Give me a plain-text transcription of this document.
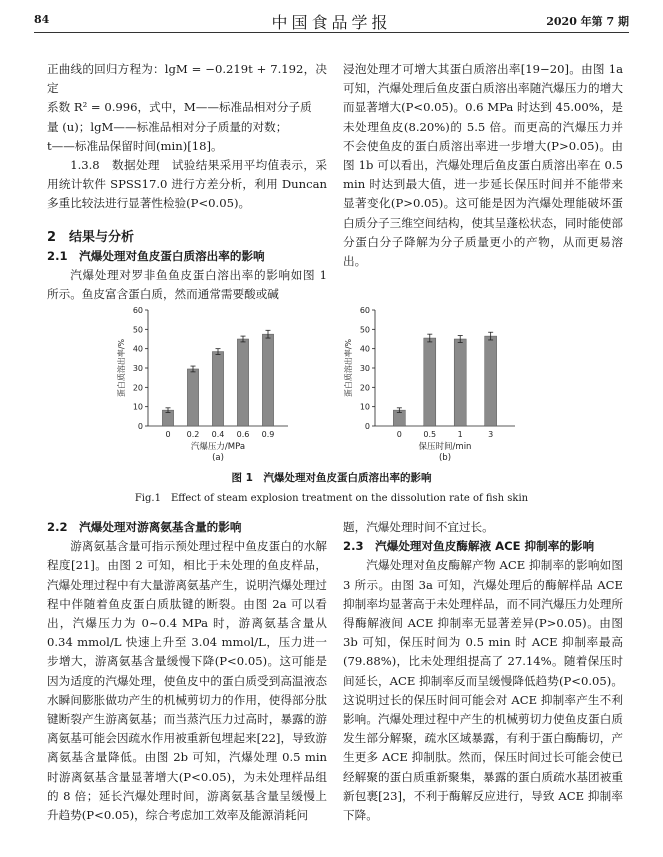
84	中国食品学报	2020 年第 7 期

正曲线的回归方程为：lgM = −0.219t + 7.192，决定

系数 R² = 0.996，式中，M——标准品相对分子质

量 (u)；lgM——标准品相对分子质量的对数；

t——标准品保留时间(min)[18]。

1.3.8　数据处理　试验结果采用平均值表示，采用统计软件 SPSS17.0 进行方差分析，利用 Duncan 多重比较法进行显著性检验(P<0.05)。

2　结果与分析

2.1　汽爆处理对鱼皮蛋白质溶出率的影响

汽爆处理对罗非鱼鱼皮蛋白溶出率的影响如图 1 所示。鱼皮富含蛋白质，然而通常需要酸或碱

浸泡处理才可增大其蛋白质溶出率[19−20]。由图 1a 可知，汽爆处理后鱼皮蛋白质溶出率随汽爆压力的增大而显著增大(P<0.05)。0.6 MPa 时达到 45.00%，是未处理鱼皮(8.20%)的 5.5 倍。而更高的汽爆压力并不会使鱼皮的蛋白质溶出率进一步增大(P>0.05)。由图 1b 可以看出，汽爆处理后鱼皮蛋白质溶出率在 0.5 min 时达到最大值，进一步延长保压时间并不能带来显著变化(P>0.05)。这可能是因为汽爆处理能破坏蛋白质分子三维空间结构，使其呈蓬松状态，同时能使部分蛋白分子降解为分子质量更小的产物，从而更易溶出。

0
10
20
30
40
50
60
0 0.2 0.4 0.6 0.9
蛋白质溶出率/%
汽爆压力/MPa
(a)
0
10
20
30
40
50
60
0	0.5	1	3
蛋白质溶出率/%
保压时间/min
(b)
图 1　汽爆处理对鱼皮蛋白质溶出率的影响
Fig.1　Effect of steam explosion treatment on the dissolution rate of fish skin

2.2　汽爆处理对游离氨基含量的影响

游离氨基含量可指示预处理过程中鱼皮蛋白的水解程度[21]。由图 2 可知，相比于未处理的鱼皮样品，汽爆处理过程中有大量游离氨基产生，说明汽爆处理过程中伴随着鱼皮蛋白质肽键的断裂。由图 2a 可以看出，汽爆压力为 0~0.4 MPa 时，游离氨基含量从 0.34 mmol/L 快速上升至 3.04 mmol/L，压力进一步增大，游离氨基含量缓慢下降(P<0.05)。这可能是因为适度的汽爆处理，使鱼皮中的蛋白质受到高温液态水瞬间膨胀做功产生的机械剪切力的作用，使得部分肽键断裂产生游离氨基；而当蒸汽压力过高时，暴露的游离氨基可能会因疏水作用被重新包埋起来[22]，导致游离氨基含量降低。由图 2b 可知，汽爆处理 0.5 min 时游离氨基含量显著增大(P<0.05)，为未处理样品组的 8 倍；延长汽爆处理时间，游离氨基含量呈缓慢上升趋势(P<0.05)，综合考虑加工效率及能源消耗问

题，汽爆处理时间不宜过长。

2.3　汽爆处理对鱼皮酶解液 ACE 抑制率的影响

汽爆处理对鱼皮酶解产物 ACE 抑制率的影响如图 3 所示。由图 3a 可知，汽爆处理后的酶解样品 ACE 抑制率均显著高于未处理样品，而不同汽爆压力处理所得酶解液间 ACE 抑制率无显著差异(P>0.05)。由图 3b 可知，保压时间为 0.5 min 时 ACE 抑制率最高(79.88%)，比未处理组提高了 27.14%。随着保压时间延长，ACE 抑制率反而呈缓慢降低趋势(P<0.05)。这说明过长的保压时间可能会对 ACE 抑制率产生不利影响。汽爆处理过程中产生的机械剪切力使鱼皮蛋白质发生部分解聚，疏水区域暴露，有利于蛋白酶酶切，产生更多 ACE 抑制肽。然而，保压时间过长可能会使已经解聚的蛋白质重新聚集，暴露的蛋白质疏水基团被重新包裹[23]，不利于酶解反应进行，导致 ACE 抑制率下降。
